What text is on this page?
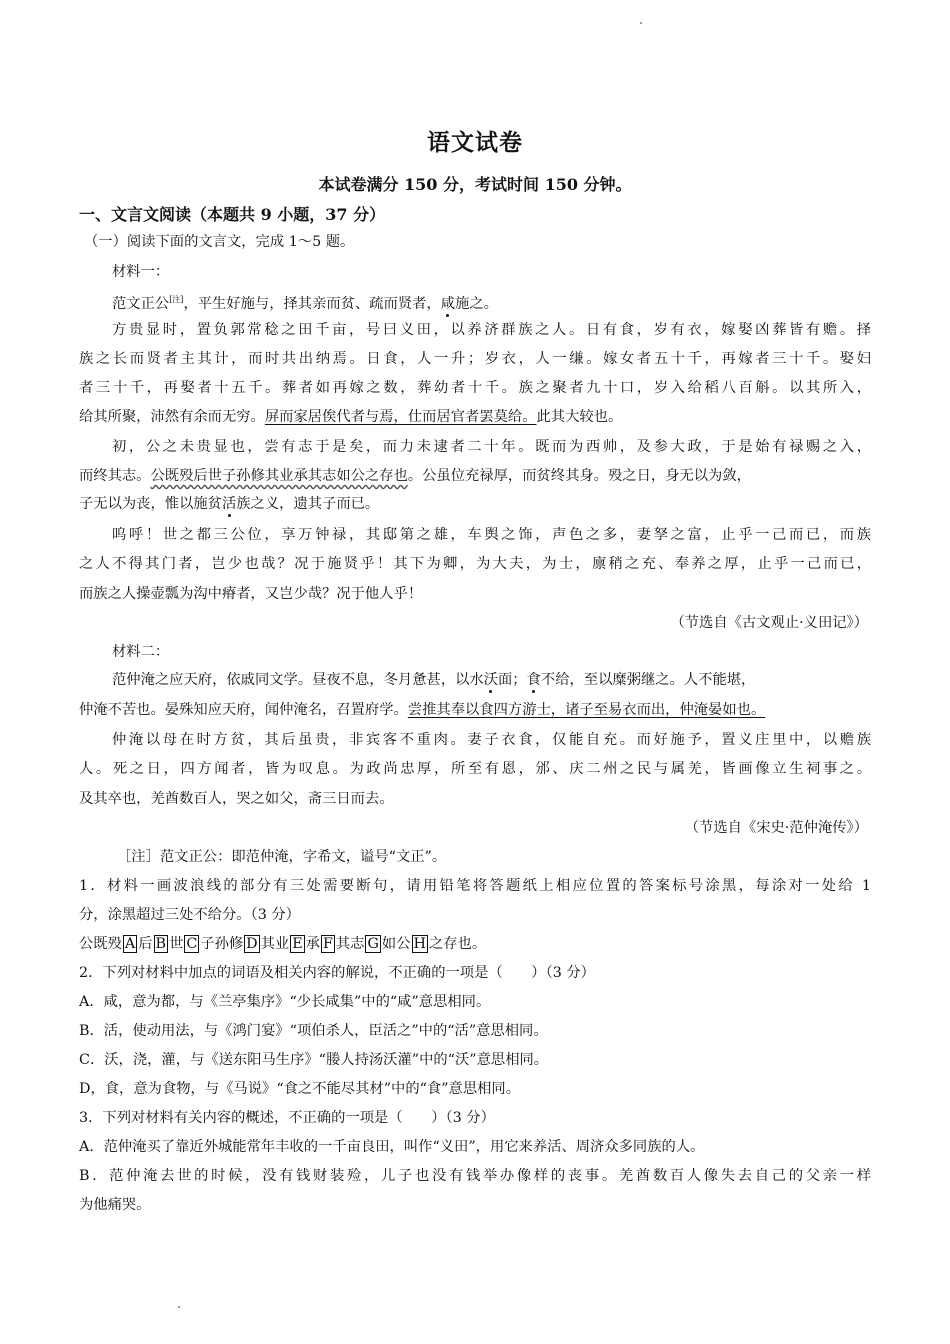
语文试卷
本试卷满分 150 分，考试时间 150 分钟。
一、文言文阅读（本题共 9 小题，37 分）
（一）阅读下面的文言文，完成 1～5 题。
材料一：
范文正公[注]，平生好施与，择其亲而贫、疏而贤者，咸施之。
方贵显时，置负郭常稔之田千亩，号曰义田，以养济群族之人。日有食，岁有衣，嫁娶凶葬皆有赡。择
族之长而贤者主其计，而时共出纳焉。日食，人一升；岁衣，人一缣。嫁女者五十千，再嫁者三十千。娶妇
者三十千，再娶者十五千。葬者如再嫁之数，葬幼者十千。族之聚者九十口，岁入给稻八百斛。以其所入，
给其所聚，沛然有余而无穷。屏而家居俟代者与焉，仕而居官者罢莫给。此其大较也。
初，公之未贵显也，尝有志于是矣，而力未逮者二十年。既而为西帅，及参大政，于是始有禄赐之入，
而终其志。公既殁后世子孙修其业承其志如公之存也。公虽位充禄厚，而贫终其身。殁之日，身无以为敛，
子无以为丧，惟以施贫活族之义，遗其子而已。
呜呼！世之都三公位，享万钟禄，其邸第之雄，车舆之饰，声色之多，妻孥之富，止乎一己而已，而族
之人不得其门者，岂少也哉？况于施贤乎！其下为卿，为大夫，为士，廪稍之充、奉养之厚，止乎一己而已，
而族之人操壶瓢为沟中瘠者，又岂少哉？况于他人乎！
（节选自《古文观止·义田记》）
材料二：
范仲淹之应天府，依戚同文学。昼夜不息，冬月惫甚，以水沃面；食不给，至以糜粥继之。人不能堪，
仲淹不苦也。晏殊知应天府，闻仲淹名，召置府学。尝推其奉以食四方游士，诸子至易衣而出，仲淹晏如也。
仲淹以母在时方贫，其后虽贵，非宾客不重肉。妻子衣食，仅能自充。而好施予，置义庄里中，以赡族
人。死之日，四方闻者，皆为叹息。为政尚忠厚，所至有恩，邠、庆二州之民与属羌，皆画像立生祠事之。
及其卒也，羌酋数百人，哭之如父，斋三日而去。
（节选自《宋史·范仲淹传》）
［注］范文正公：即范仲淹，字希文，谥号“文正”。
1．材料一画波浪线的部分有三处需要断句，请用铅笔将答题纸上相应位置的答案标号涂黑，每涂对一处给 1
分，涂黑超过三处不给分。（3 分）
公既殁 A 后 B 世 C 子孙修 D 其业 E 承 F 其志 G 如公 H 之存也。
2．下列对材料中加点的词语及相关内容的解说，不正确的一项是（　　）（3 分）
A．咸，意为都，与《兰亭集序》“少长咸集”中的“咸”意思相同。
B．活，使动用法，与《鸿门宴》“项伯杀人，臣活之”中的“活”意思相同。
C．沃，浇，灌，与《送东阳马生序》“媵人持汤沃灌”中的“沃”意思相同。
D，食，意为食物，与《马说》“食之不能尽其材”中的“食”意思相同。
3．下列对材料有关内容的概述，不正确的一项是（　　）（3 分）
A．范仲淹买了靠近外城能常年丰收的一千亩良田，叫作“义田”，用它来养活、周济众多同族的人。
B．范仲淹去世的时候，没有钱财装殓，儿子也没有钱举办像样的丧事。羌酋数百人像失去自己的父亲一样
为他痛哭。
